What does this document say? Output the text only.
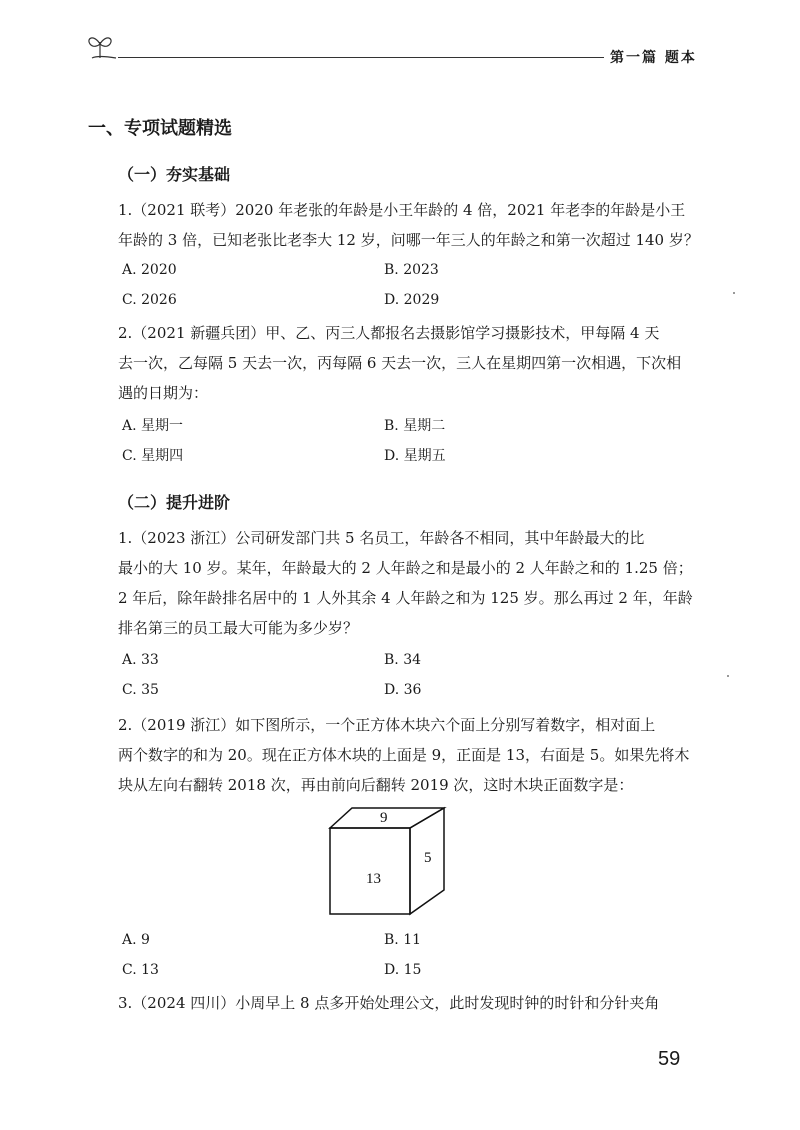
第一篇 题本
一、专项试题精选
（一）夯实基础
1.（2021 联考）2020 年老张的年龄是小王年龄的 4 倍，2021 年老李的年龄是小王
年龄的 3 倍，已知老张比老李大 12 岁，问哪一年三人的年龄之和第一次超过 140 岁？
A. 2020	B. 2023
C. 2026	D. 2029
2.（2021 新疆兵团）甲、乙、丙三人都报名去摄影馆学习摄影技术，甲每隔 4 天
去一次，乙每隔 5 天去一次，丙每隔 6 天去一次，三人在星期四第一次相遇，下次相
遇的日期为：
A. 星期一	B. 星期二
C. 星期四	D. 星期五
（二）提升进阶
1.（2023 浙江）公司研发部门共 5 名员工，年龄各不相同，其中年龄最大的比
最小的大 10 岁。某年，年龄最大的 2 人年龄之和是最小的 2 人年龄之和的 1.25 倍；
2 年后，除年龄排名居中的 1 人外其余 4 人年龄之和为 125 岁。那么再过 2 年，年龄
排名第三的员工最大可能为多少岁？
A. 33	B. 34
C. 35	D. 36
2.（2019 浙江）如下图所示，一个正方体木块六个面上分别写着数字，相对面上
两个数字的和为 20。现在正方体木块的上面是 9，正面是 13，右面是 5。如果先将木
块从左向右翻转 2018 次，再由前向后翻转 2019 次，这时木块正面数字是：
9
13
5
A. 9	B. 11
C. 13	D. 15
3.（2024 四川）小周早上 8 点多开始处理公文，此时发现时钟的时针和分针夹角
59
